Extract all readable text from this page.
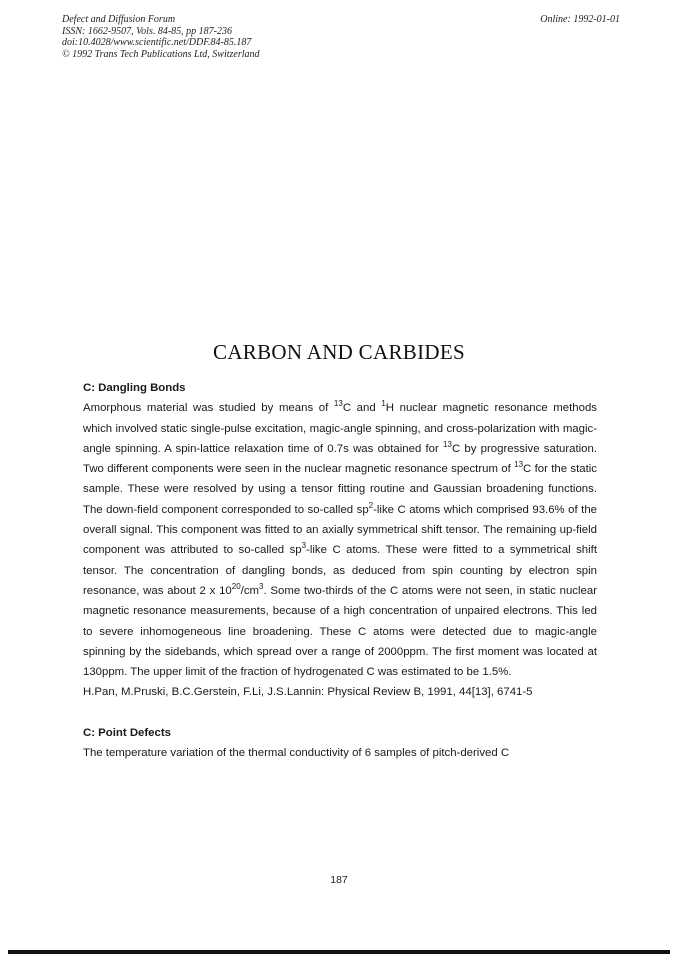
Defect and Diffusion Forum
ISSN: 1662-9507, Vols. 84-85, pp 187-236
doi:10.4028/www.scientific.net/DDF.84-85.187
© 1992 Trans Tech Publications Ltd, Switzerland
Online: 1992-01-01
CARBON AND CARBIDES
C: Dangling Bonds

Amorphous material was studied by means of $^{13}$C and $^1$H nuclear magnetic resonance methods which involved static single-pulse excitation, magic-angle spinning, and cross-polarization with magic-angle spinning. A spin-lattice relaxation time of 0.7s was obtained for $^{13}$C by progressive saturation. Two different components were seen in the nuclear magnetic resonance spectrum of $^{13}$C for the static sample. These were resolved by using a tensor fitting routine and Gaussian broadening functions. The down-field component corresponded to so-called $sp^2$-like C atoms which comprised 93.6% of the overall signal. This component was fitted to an axially symmetrical shift tensor. The remaining up-field component was attributed to so-called $sp^3$-like C atoms. These were fitted to a symmetrical shift tensor. The concentration of dangling bonds, as deduced from spin counting by electron spin resonance, was about 2 x $10^{20}/cm^3$. Some two-thirds of the C atoms were not seen, in static nuclear magnetic resonance measurements, because of a high concentration of unpaired electrons. This led to severe inhomogeneous line broadening. These C atoms were detected due to magic-angle spinning by the sidebands, which spread over a range of 2000ppm. The first moment was located at 130ppm. The upper limit of the fraction of hydrogenated C was estimated to be 1.5%.

H.Pan, M.Pruski, B.C.Gerstein, F.Li, J.S.Lannin: Physical Review B, 1991, 44[13], 6741-5

C: Point Defects

The temperature variation of the thermal conductivity of 6 samples of pitch-derived C

187
